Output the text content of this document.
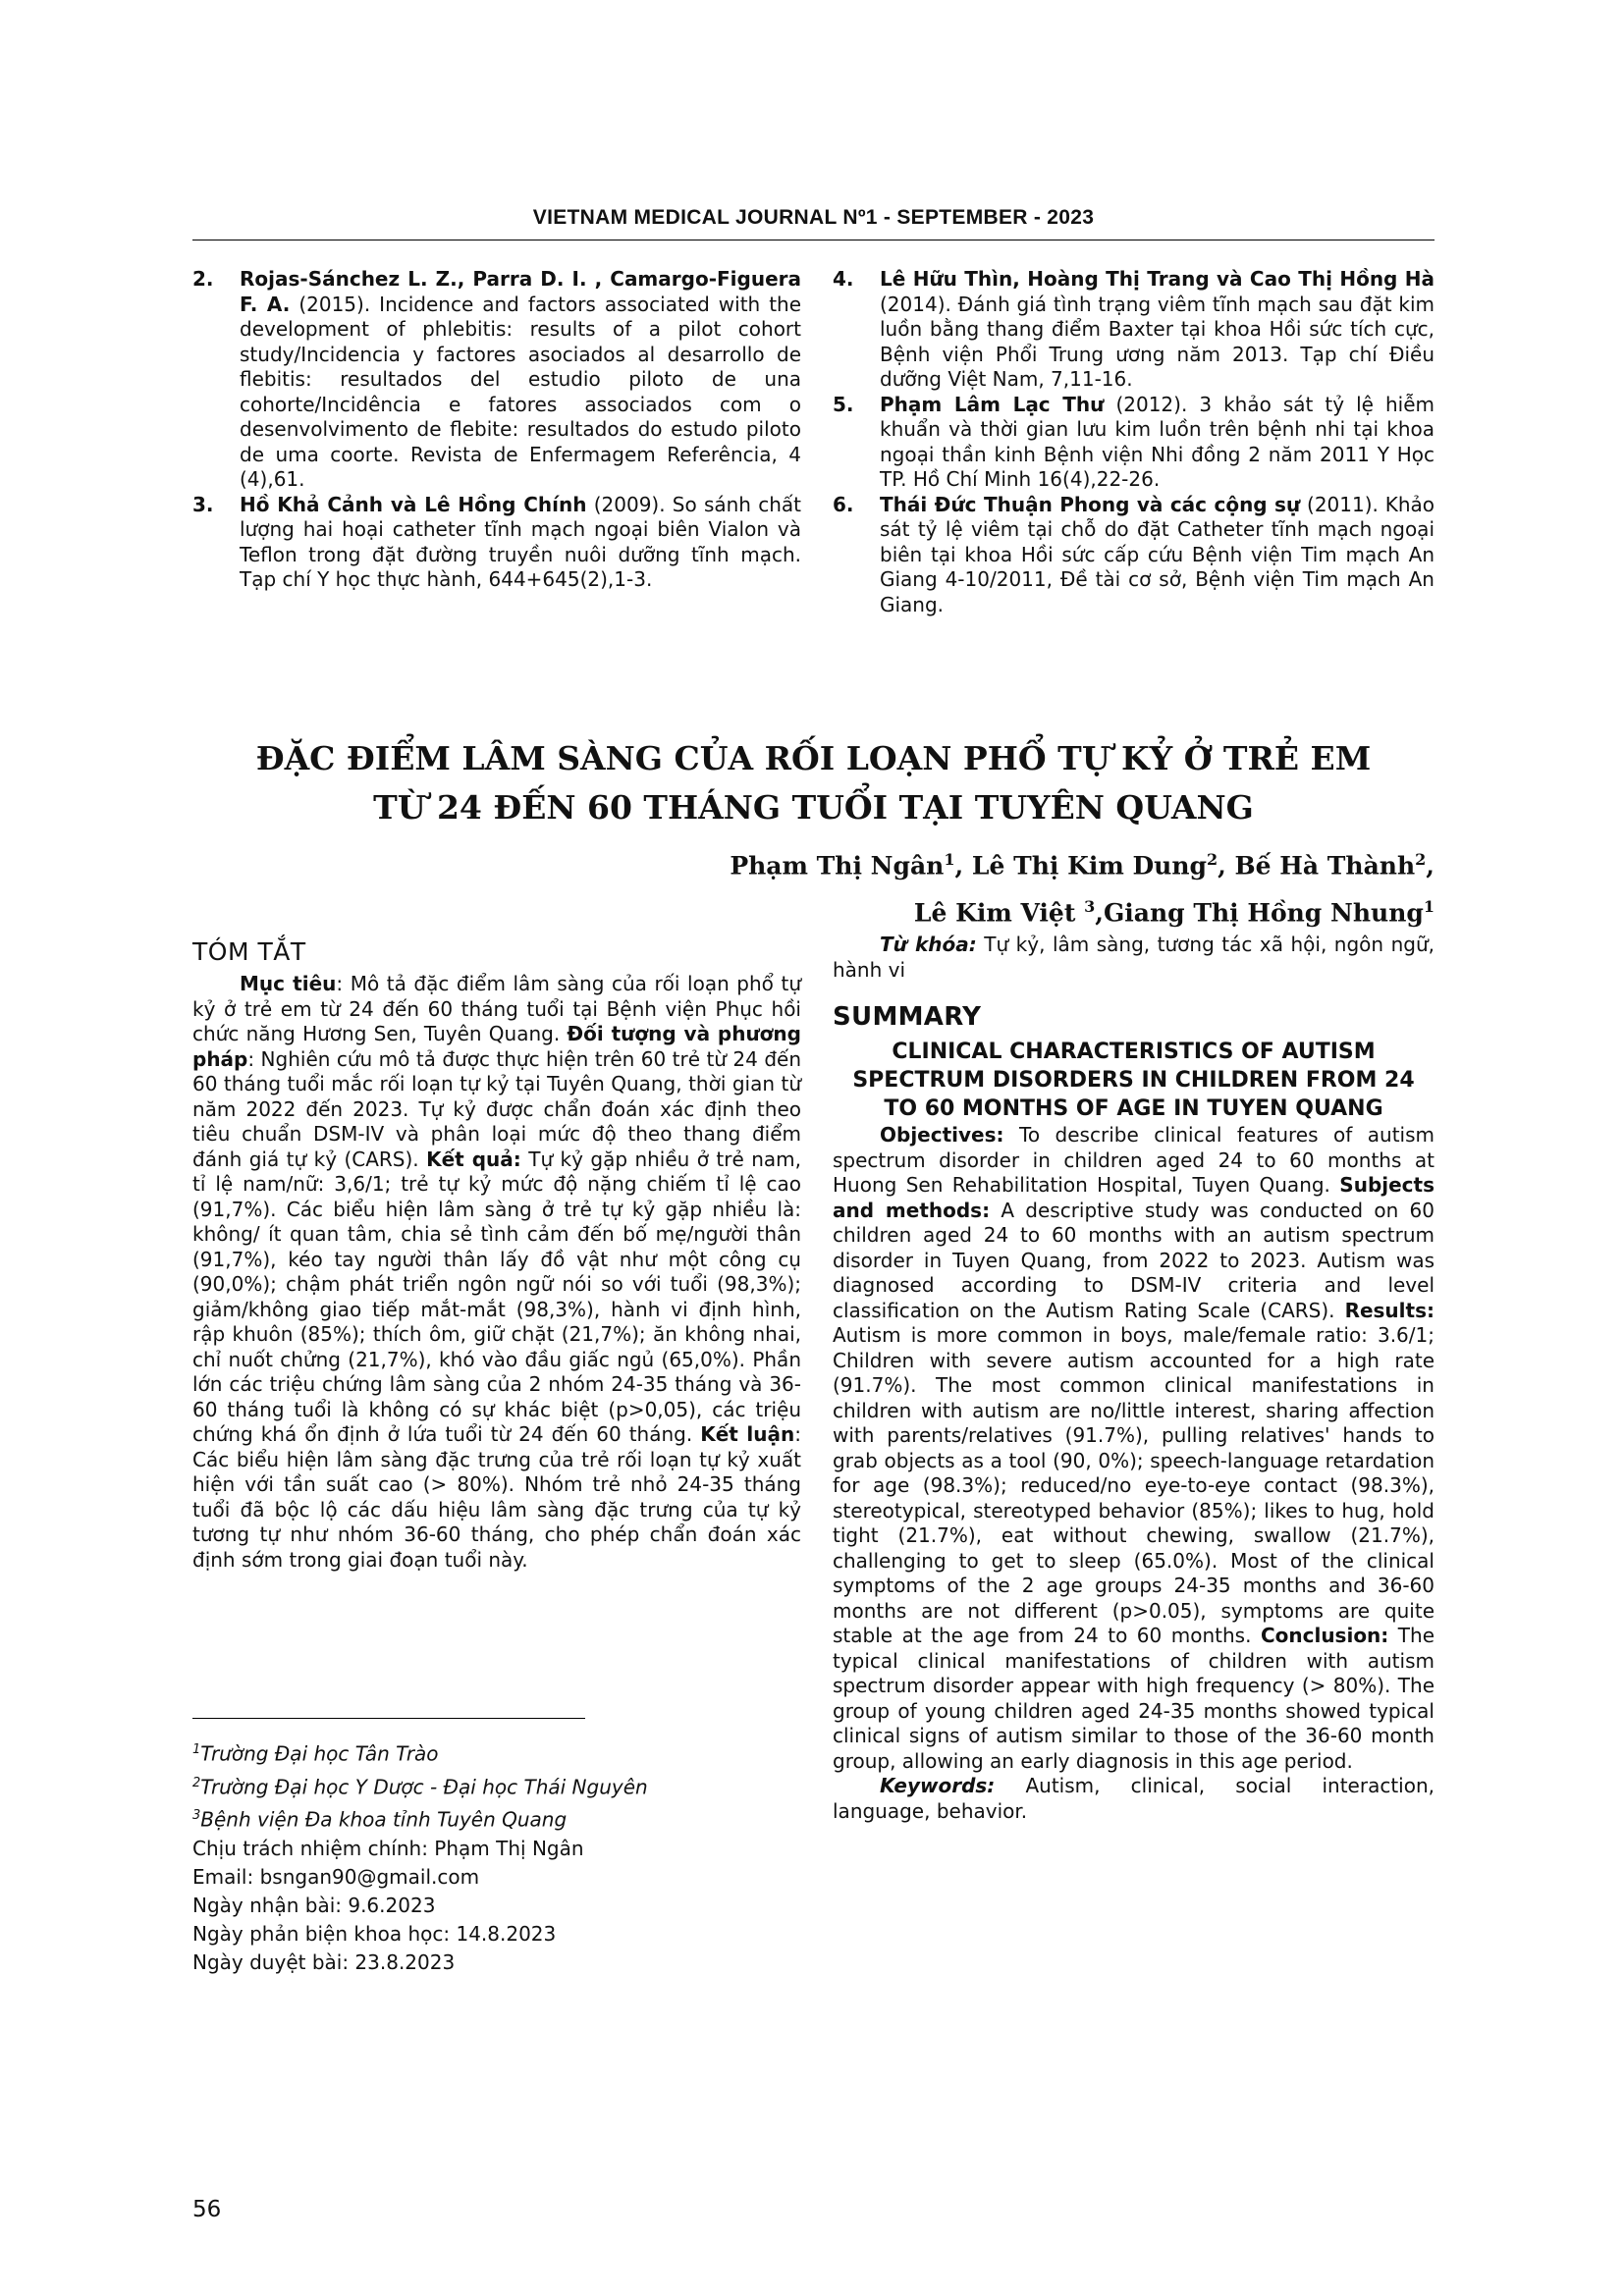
VIETNAM MEDICAL JOURNAL Nº1 - SEPTEMBER - 2023

2. Rojas-Sánchez L. Z., Parra D. I. , Camargo-Figuera F. A. (2015). Incidence and factors associated with the development of phlebitis: results of a pilot cohort study/Incidencia y factores asociados al desarrollo de flebitis: resultados del estudio piloto de una cohorte/Incidência e fatores associados com o desenvolvimento de flebite: resultados do estudo piloto de uma coorte. Revista de Enfermagem Referência, 4 (4),61.

3. Hồ Khả Cảnh và Lê Hồng Chính (2009). So sánh chất lượng hai hoại catheter tĩnh mạch ngoại biên Vialon và Teflon trong đặt đường truyền nuôi dưỡng tĩnh mạch. Tạp chí Y học thực hành, 644+645(2),1-3.

4. Lê Hữu Thìn, Hoàng Thị Trang và Cao Thị Hồng Hà (2014). Đánh giá tình trạng viêm tĩnh mạch sau đặt kim luồn bằng thang điểm Baxter tại khoa Hồi sức tích cực, Bệnh viện Phổi Trung ương năm 2013. Tạp chí Điều dưỡng Việt Nam, 7,11-16.

5. Phạm Lâm Lạc Thư (2012). 3 khảo sát tỷ lệ hiễm khuẩn và thời gian lưu kim luồn trên bệnh nhi tại khoa ngoại thần kinh Bệnh viện Nhi đồng 2 năm 2011 Y Học TP. Hồ Chí Minh 16(4),22-26.

6. Thái Đức Thuận Phong và các cộng sự (2011). Khảo sát tỷ lệ viêm tại chỗ do đặt Catheter tĩnh mạch ngoại biên tại khoa Hồi sức cấp cứu Bệnh viện Tim mạch An Giang 4-10/2011, Đề tài cơ sở, Bệnh viện Tim mạch An Giang.

ĐẶC ĐIỂM LÂM SÀNG CỦA RỐI LOẠN PHỔ TỰ KỶ Ở TRẺ EM
TỪ 24 ĐẾN 60 THÁNG TUỔI TẠI TUYÊN QUANG
Phạm Thị Ngân$^1$, Lê Thị Kim Dung$^2$, Bế Hà Thành$^2$,
Lê Kim Việt $^3$,Giang Thị Hồng Nhung$^1$
TÓM TẮT

Mục tiêu: Mô tả đặc điểm lâm sàng của rối loạn phổ tự kỷ ở trẻ em từ 24 đến 60 tháng tuổi tại Bệnh viện Phục hồi chức năng Hương Sen, Tuyên Quang. Đối tượng và phương pháp: Nghiên cứu mô tả được thực hiện trên 60 trẻ từ 24 đến 60 tháng tuổi mắc rối loạn tự kỷ tại Tuyên Quang, thời gian từ năm 2022 đến 2023. Tự kỷ được chẩn đoán xác định theo tiêu chuẩn DSM-IV và phân loại mức độ theo thang điểm đánh giá tự kỷ (CARS). Kết quả: Tự kỷ gặp nhiều ở trẻ nam, tỉ lệ nam/nữ: 3,6/1; trẻ tự kỷ mức độ nặng chiếm tỉ lệ cao (91,7%). Các biểu hiện lâm sàng ở trẻ tự kỷ gặp nhiều là: không/ ít quan tâm, chia sẻ tình cảm đến bố mẹ/người thân (91,7%), kéo tay người thân lấy đồ vật như một công cụ (90,0%); chậm phát triển ngôn ngữ nói so với tuổi (98,3%); giảm/không giao tiếp mắt-mắt (98,3%), hành vi định hình, rập khuôn (85%); thích ôm, giữ chặt (21,7%); ăn không nhai, chỉ nuốt chửng (21,7%), khó vào đầu giấc ngủ (65,0%). Phần lớn các triệu chứng lâm sàng của 2 nhóm 24-35 tháng và 36-60 tháng tuổi là không có sự khác biệt (p>0,05), các triệu chứng khá ổn định ở lứa tuổi từ 24 đến 60 tháng. Kết luận: Các biểu hiện lâm sàng đặc trưng của trẻ rối loạn tự kỷ xuất hiện với tần suất cao (> 80%). Nhóm trẻ nhỏ 24-35 tháng tuổi đã bộc lộ các dấu hiệu lâm sàng đặc trưng của tự kỷ tương tự như nhóm 36-60 tháng, cho phép chẩn đoán xác định sớm trong giai đoạn tuổi này.

$^1$Trường Đại học Tân Trào
$^2$Trường Đại học Y Dược - Đại học Thái Nguyên
$^3$Bệnh viện Đa khoa tỉnh Tuyên Quang
Chịu trách nhiệm chính: Phạm Thị Ngân
Email: bsngan90@gmail.com
Ngày nhận bài: 9.6.2023
Ngày phản biện khoa học: 14.8.2023
Ngày duyệt bài: 23.8.2023
56

Từ khóa: Tự kỷ, lâm sàng, tương tác xã hội, ngôn ngữ, hành vi

SUMMARY

CLINICAL CHARACTERISTICS OF AUTISM SPECTRUM DISORDERS IN CHILDREN FROM 24 TO 60 MONTHS OF AGE IN TUYEN QUANG

Objectives: To describe clinical features of autism spectrum disorder in children aged 24 to 60 months at Huong Sen Rehabilitation Hospital, Tuyen Quang. Subjects and methods: A descriptive study was conducted on 60 children aged 24 to 60 months with an autism spectrum disorder in Tuyen Quang, from 2022 to 2023. Autism was diagnosed according to DSM-IV criteria and level classification on the Autism Rating Scale (CARS). Results: Autism is more common in boys, male/female ratio: 3.6/1; Children with severe autism accounted for a high rate (91.7%). The most common clinical manifestations in children with autism are no/little interest, sharing affection with parents/relatives (91.7%), pulling relatives' hands to grab objects as a tool (90, 0%); speech-language retardation for age (98.3%); reduced/no eye-to-eye contact (98.3%), stereotypical, stereotyped behavior (85%); likes to hug, hold tight (21.7%), eat without chewing, swallow (21.7%), challenging to get to sleep (65.0%). Most of the clinical symptoms of the 2 age groups 24-35 months and 36-60 months are not different (p>0.05), symptoms are quite stable at the age from 24 to 60 months. Conclusion: The typical clinical manifestations of children with autism spectrum disorder appear with high frequency (> 80%). The group of young children aged 24-35 months showed typical clinical signs of autism similar to those of the 36-60 month group, allowing an early diagnosis in this age period.

Keywords: Autism, clinical, social interaction, language, behavior.
